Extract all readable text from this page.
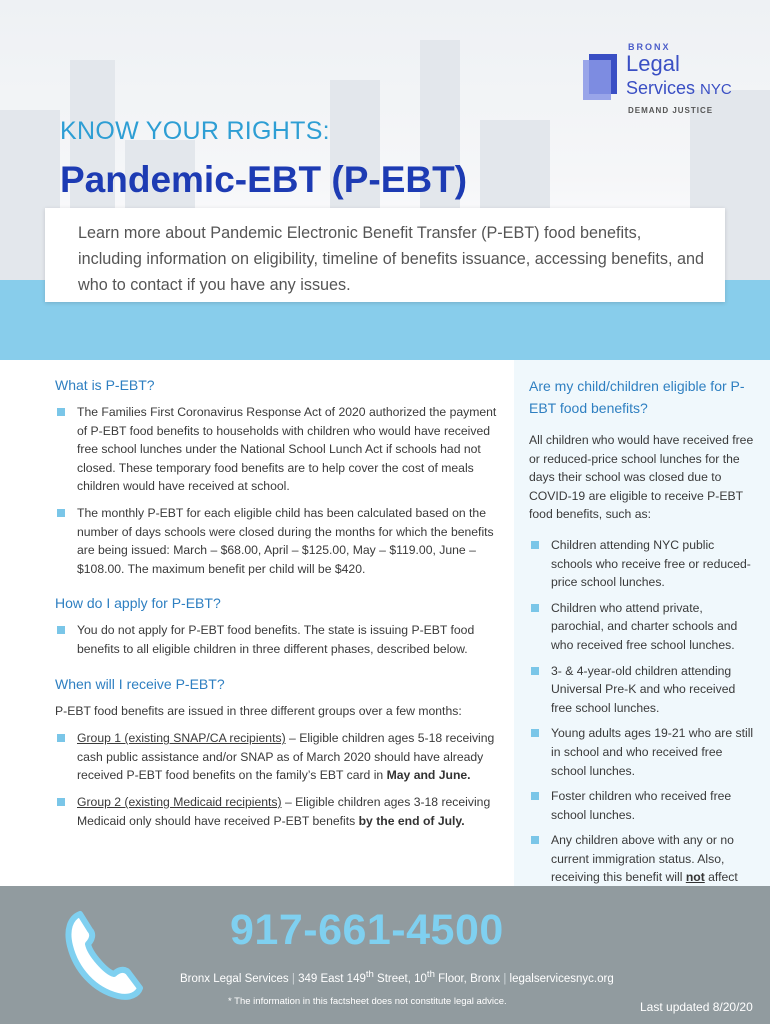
BRONX
Legal
Services NYC
DEMAND JUSTICE
KNOW YOUR RIGHTS:
Pandemic-EBT (P-EBT)

Learn more about Pandemic Electronic Benefit Transfer (P-EBT) food benefits, including information on eligibility, timeline of benefits issuance, accessing benefits, and who to contact if you have any issues.

What is P-EBT?
The Families First Coronavirus Response Act of 2020 authorized the payment of P-EBT food benefits to households with children who would have received free school lunches under the National School Lunch Act if schools had not closed. These temporary food benefits are to help cover the cost of meals children would have received at school.
The monthly P-EBT for each eligible child has been calculated based on the number of days schools were closed during the months for which the benefits are being issued: March – $68.00, April – $125.00, May – $119.00, June – $108.00. The maximum benefit per child will be $420.
How do I apply for P-EBT?
You do not apply for P-EBT food benefits. The state is issuing P-EBT food benefits to all eligible children in three different phases, described below.
When will I receive P-EBT?

P-EBT food benefits are issued in three different groups over a few months:

Group 1 (existing SNAP/CA recipients) – Eligible children ages 5-18 receiving cash public assistance and/or SNAP as of March 2020 should have already received P-EBT food benefits on the family’s EBT card in May and June.
Group 2 (existing Medicaid recipients) – Eligible children ages 3-18 receiving Medicaid only should have received P-EBT benefits by the end of July.
Are my child/children eligible for P-EBT food benefits?

All children who would have received free or reduced-price school lunches for the days their school was closed due to COVID-19 are eligible to receive P-EBT food benefits, such as:

Children attending NYC public schools who receive free or reduced-price school lunches.
Children who attend private, parochial, and charter schools and who received free school lunches.
3- & 4-year-old children attending Universal Pre-K and who received free school lunches.
Young adults ages 19-21 who are still in school and who received free school lunches.
Foster children who received free school lunches.
Any children above with any or no current immigration status. Also, receiving this benefit will not affect
917-661-4500
Bronx Legal Services | 349 East 149th Street, 10th Floor, Bronx | legalservicesnyc.org
* The information in this factsheet does not constitute legal advice.	Last updated 8/20/20
